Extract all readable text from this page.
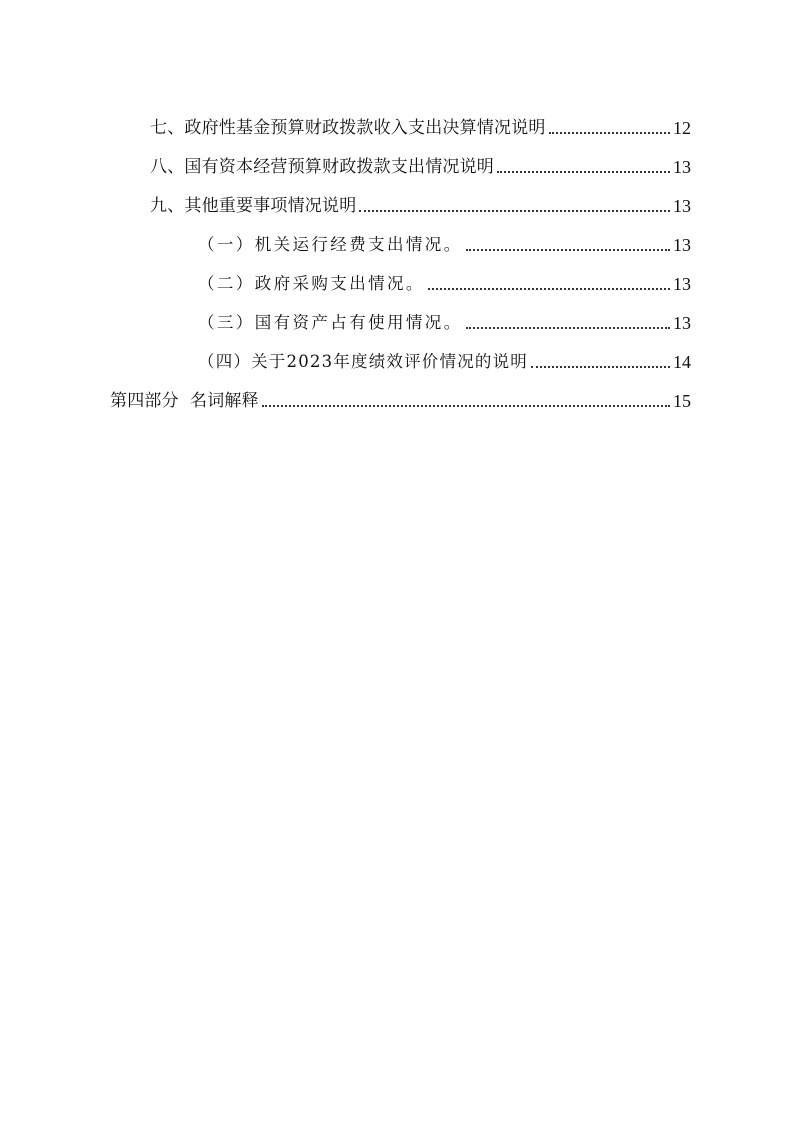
七、政府性基金预算财政拨款收入支出决算情况说明	12
八、国有资本经营预算财政拨款支出情况说明	13
九、其他重要事项情况说明	13
（一）机关运行经费支出情况。	13
（二）政府采购支出情况。	13
（三）国有资产占有使用情况。	13
（四）关于2023年度绩效评价情况的说明	14
第四部分  名词解释	15
